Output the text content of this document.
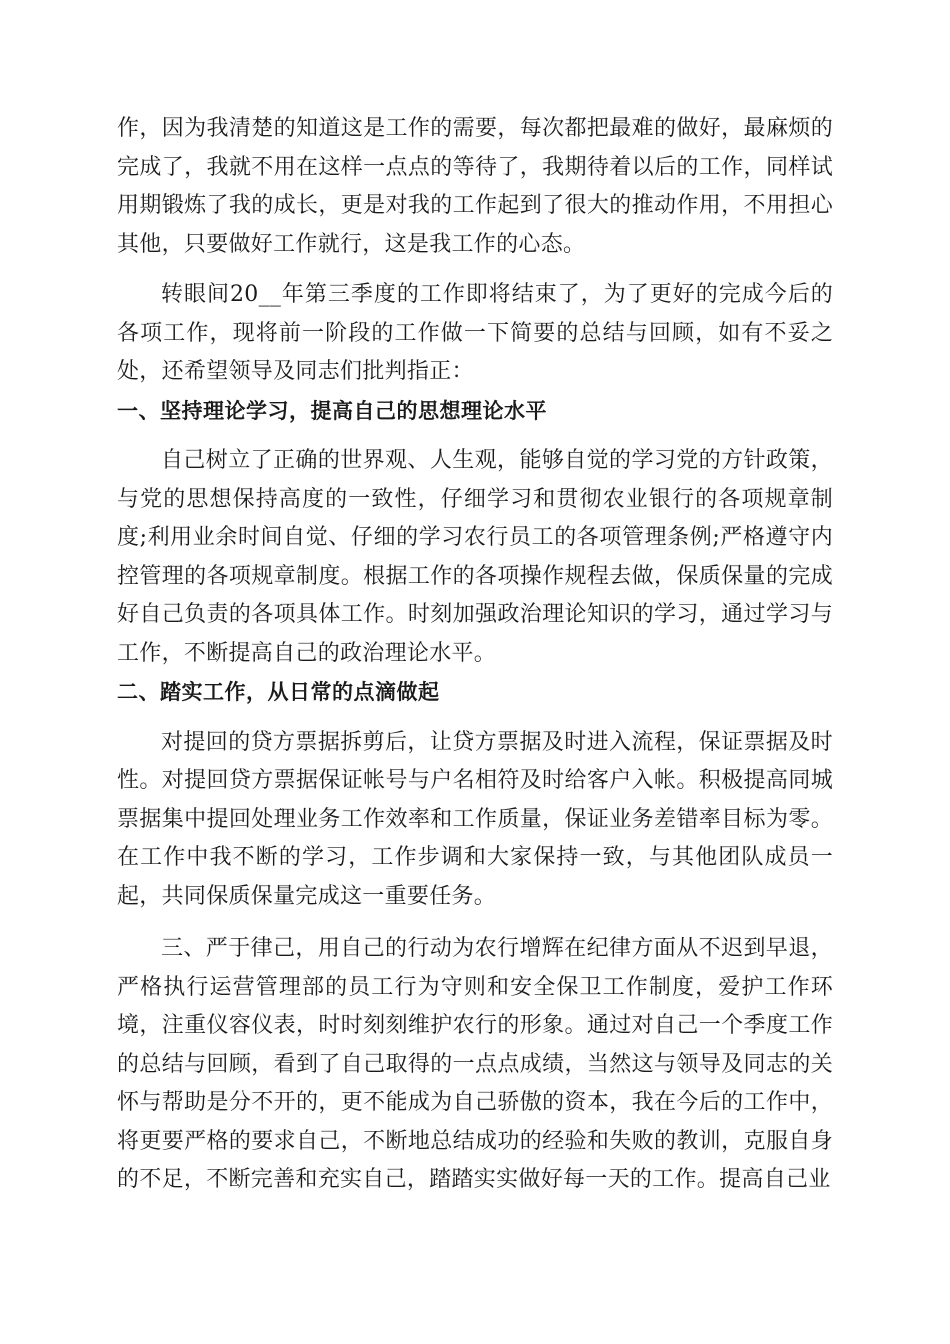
作，因为我清楚的知道这是工作的需要，每次都把最难的做好，最麻烦的完成了，我就不用在这样一点点的等待了，我期待着以后的工作，同样试用期锻炼了我的成长，更是对我的工作起到了很大的推动作用，不用担心其他，只要做好工作就行，这是我工作的心态。

转眼间20__年第三季度的工作即将结束了，为了更好的完成今后的各项工作，现将前一阶段的工作做一下简要的总结与回顾，如有不妥之处，还希望领导及同志们批判指正：

一、坚持理论学习，提高自己的思想理论水平

自己树立了正确的世界观、人生观，能够自觉的学习党的方针政策，与党的思想保持高度的一致性，仔细学习和贯彻农业银行的各项规章制度;利用业余时间自觉、仔细的学习农行员工的各项管理条例;严格遵守内控管理的各项规章制度。根据工作的各项操作规程去做，保质保量的完成好自己负责的各项具体工作。时刻加强政治理论知识的学习，通过学习与工作，不断提高自己的政治理论水平。

二、踏实工作，从日常的点滴做起

对提回的贷方票据拆剪后，让贷方票据及时进入流程，保证票据及时性。对提回贷方票据保证帐号与户名相符及时给客户入帐。积极提高同城票据集中提回处理业务工作效率和工作质量，保证业务差错率目标为零。在工作中我不断的学习，工作步调和大家保持一致，与其他团队成员一起，共同保质保量完成这一重要任务。

三、严于律己，用自己的行动为农行增辉在纪律方面从不迟到早退，严格执行运营管理部的员工行为守则和安全保卫工作制度，爱护工作环境，注重仪容仪表，时时刻刻维护农行的形象。通过对自己一个季度工作的总结与回顾，看到了自己取得的一点点成绩，当然这与领导及同志的关怀与帮助是分不开的，更不能成为自己骄傲的资本，我在今后的工作中，将更要严格的要求自己，不断地总结成功的经验和失败的教训，克服自身的不足，不断完善和充实自己，踏踏实实做好每一天的工作。提高自己业
